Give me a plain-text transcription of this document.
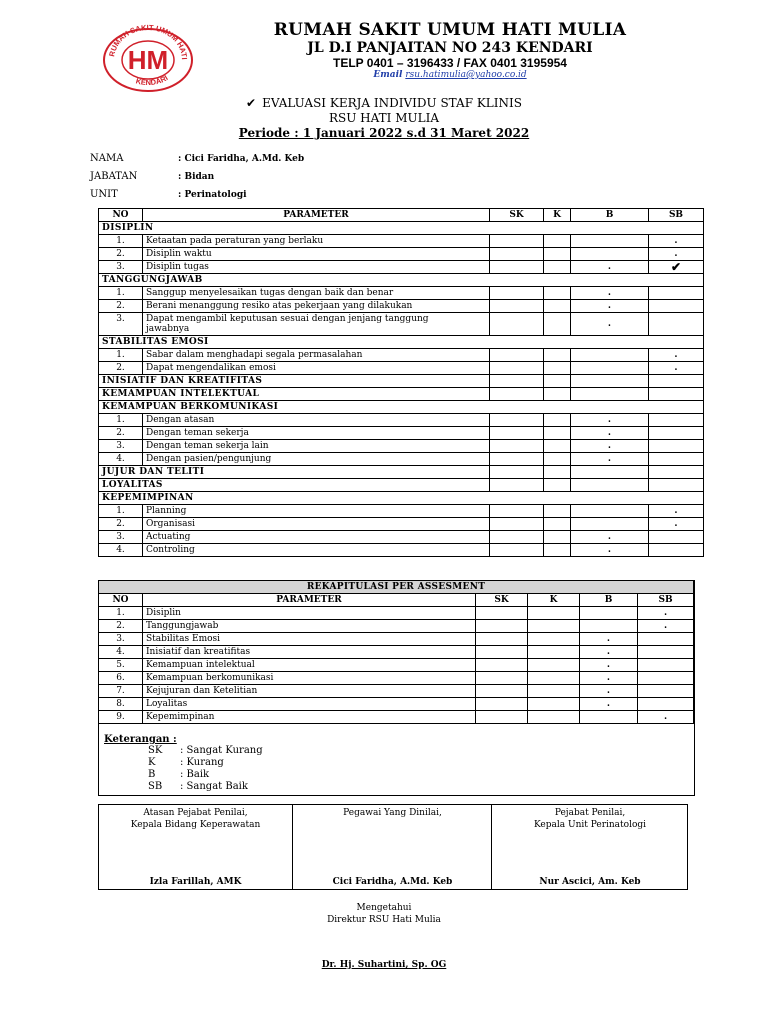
RUMAH SAKIT UMUM HATI
KENDARI
HM
RUMAH SAKIT UMUM HATI MULIA
JL D.I PANJAITAN NO 243 KENDARI
TELP 0401 – 3196433 / FAX 0401 3195954
Email rsu.hatimulia@yahoo.co.id
✔ EVALUASI KERJA INDIVIDU STAF KLINIS
RSU HATI MULIA
Periode : 1 Januari 2022 s.d 31 Maret 2022
NAMA	: Cici Faridha, A.Md. Keb
JABATAN	: Bidan
UNIT	: Perinatologi
NO	PARAMETER	SK	K	B	SB
DISIPLIN					
1.	Ketaatan pada peraturan yang berlaku				.
2.	Disiplin waktu				.
3.	Disiplin tugas			.	✔
TANGGUNGJAWAB					
1.	Sanggup menyelesaikan tugas dengan baik dan benar			.	
2.	Berani menanggung resiko atas pekerjaan yang dilakukan			.	
3.	Dapat mengambil keputusan sesuai dengan jenjang tanggung
jawabnya			.	
STABILITAS EMOSI					
1.	Sabar dalam menghadapi segala permasalahan				.
2.	Dapat mengendalikan emosi				.
INISIATIF DAN KREATIFITAS					
KEMAMPUAN INTELEKTUAL					
KEMAMPUAN BERKOMUNIKASI					
1.	Dengan atasan			.	
2.	Dengan teman sekerja			.	
3.	Dengan teman sekerja lain			.	
4.	Dengan pasien/pengunjung			.	
JUJUR DAN TELITI					
LOYALITAS					
KEPEMIMPINAN					
1.	Planning				.
2.	Organisasi				.
3.	Actuating			.	
4.	Controling			.	
REKAPITULASI PER ASSESMENT					
NO	PARAMETER	SK	K	B	SB
1.	Disiplin				.
2.	Tanggungjawab				.
3.	Stabilitas Emosi			.	
4.	Inisiatif dan kreatifitas			.	
5.	Kemampuan intelektual			.	
6.	Kemampuan berkomunikasi			.	
7.	Kejujuran dan Ketelitian			.	
8.	Loyalitas			.	
9.	Kepemimpinan				.
Keterangan :
SK : Sangat Kurang
K : Kurang
B : Baik
SB : Sangat Baik
Atasan Pejabat Penilai,
Kepala Bidang Keperawatan
Izla Farillah, AMK
Pegawai Yang Dinilai,
Cici Faridha, A.Md. Keb
Pejabat Penilai,
Kepala Unit Perinatologi
Nur Ascici, Am. Keb
Mengetahui
Direktur RSU Hati Mulia
Dr. Hj. Suhartini, Sp. OG
